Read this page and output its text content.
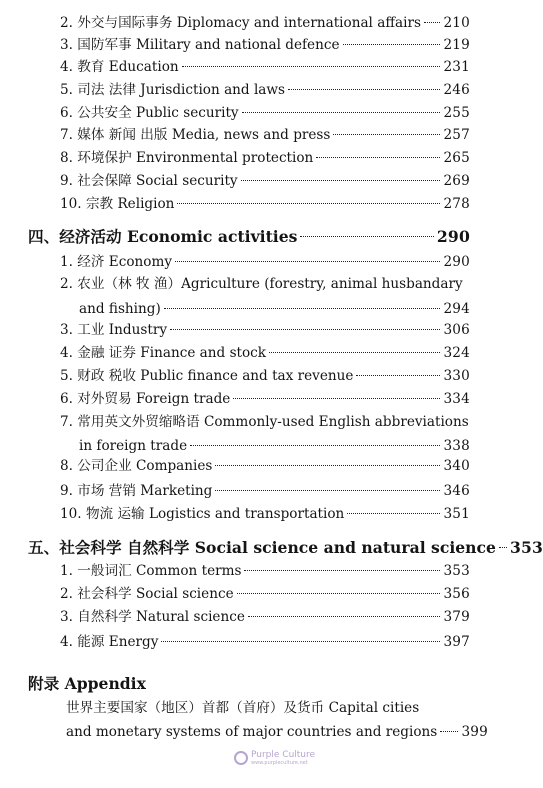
2. 外交与国际事务 Diplomacy and international affairs 210
3. 国防军事 Military and national defence	219
4. 教育 Education	231
5. 司法 法律 Jurisdiction and laws	246
6. 公共安全 Public security	255
7. 媒体 新闻 出版 Media, news and press	257
8. 环境保护 Environmental protection	265
9. 社会保障 Social security	269
10. 宗教 Religion	278
四、经济活动 Economic activities	290
1. 经济 Economy	290
2. 农业（林 牧 渔）Agriculture (forestry, animal husbandary
and fishing)	294
3. 工业 Industry	306
4. 金融 证券 Finance and stock	324
5. 财政 税收 Public finance and tax revenue	330
6. 对外贸易 Foreign trade	334
7. 常用英文外贸缩略语 Commonly-used English abbreviations
in foreign trade	338
8. 公司企业 Companies	340
9. 市场 营销 Marketing	346
10. 物流 运输 Logistics and transportation	351
五、社会科学 自然科学 Social science and natural science 353
1. 一般词汇 Common terms	353
2. 社会科学 Social science	356
3. 自然科学 Natural science	379
4. 能源 Energy	397
附录 Appendix
世界主要国家（地区）首都（首府）及货币 Capital cities
and monetary systems of major countries and regions 399
Purple Culture
www.purpleculture.net
